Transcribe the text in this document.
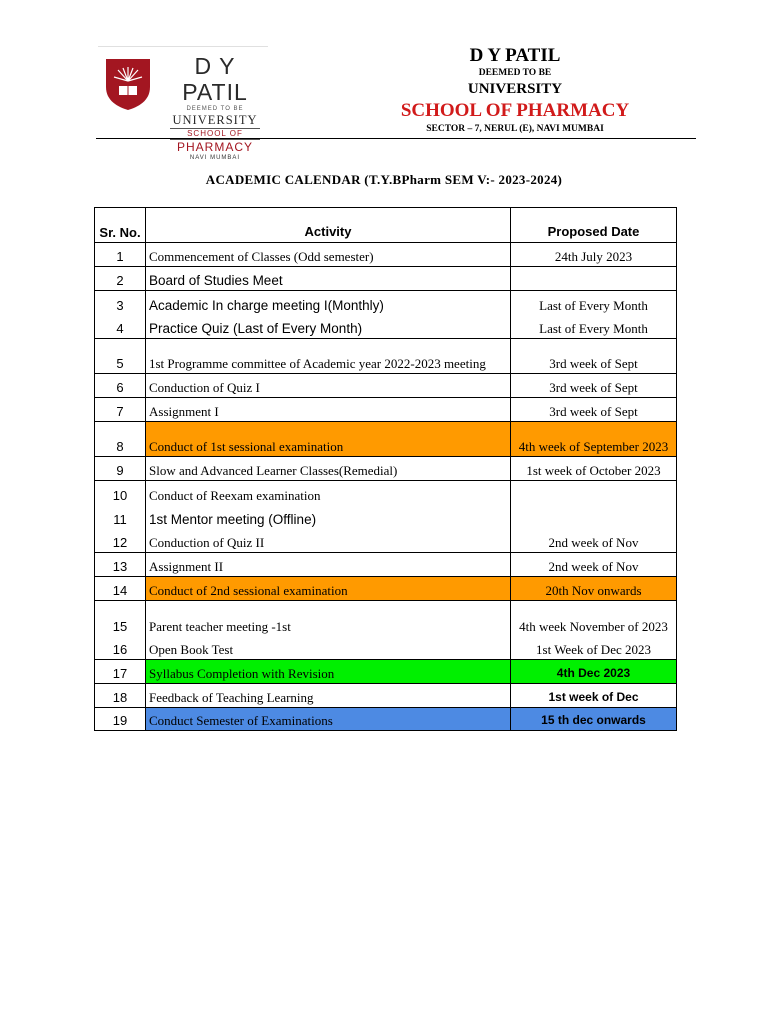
D Y PATIL
DEEMED TO BE
UNIVERSITY
SCHOOL OF
PHARMACY
NAVI MUMBAI
D Y PATIL
DEEMED TO BE
UNIVERSITY
SCHOOL OF PHARMACY
SECTOR – 7, NERUL (E), NAVI MUMBAI
ACADEMIC CALENDAR (T.Y.BPharm SEM V:- 2023-2024)
Sr. No.	Activity	Proposed Date
1	Commencement of Classes (Odd semester)	24th July 2023
2	Board of Studies Meet	
3	Academic In charge meeting I(Monthly)	Last of Every Month
4	Practice Quiz (Last of Every Month)	Last of Every Month
5	1st Programme committee of Academic year 2022-2023 meeting	3rd week of Sept
6	Conduction of Quiz I	3rd week of Sept
7	Assignment I	3rd week of Sept
8	Conduct of 1st sessional examination	4th week of September 2023
9	Slow and Advanced Learner Classes(Remedial)	1st week of October 2023
10	Conduct of Reexam examination	
11	1st Mentor meeting (Offline)	
12	Conduction of Quiz II	2nd week of Nov
13	Assignment II	2nd week of Nov
14	Conduct of 2nd sessional examination	20th Nov onwards
15	Parent teacher meeting -1st	4th week November of 2023
16	Open Book Test	1st Week of Dec 2023
17	Syllabus Completion with Revision	4th Dec 2023
18	Feedback of Teaching Learning	1st week of Dec
19	Conduct Semester of Examinations	15 th dec onwards
